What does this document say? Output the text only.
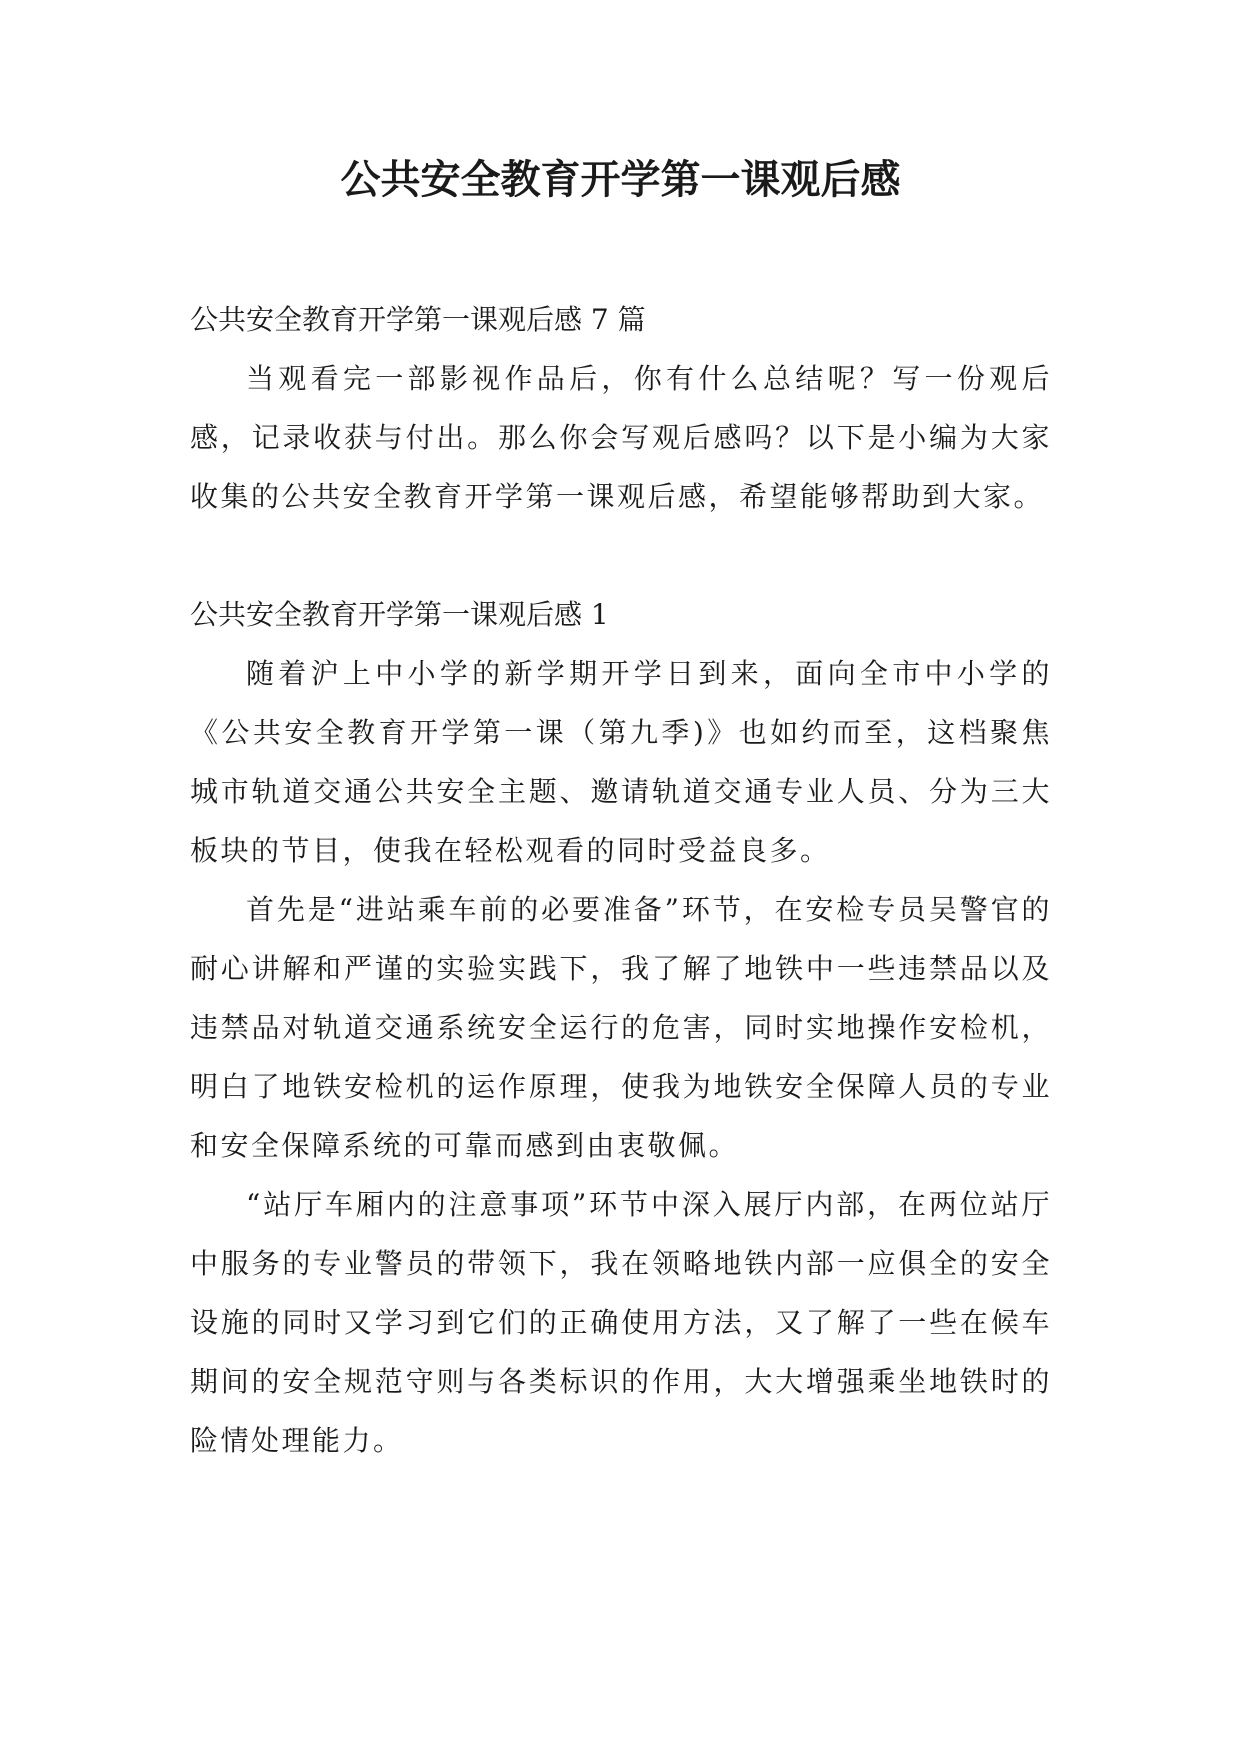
公共安全教育开学第一课观后感

公共安全教育开学第一课观后感 7 篇

当观看完一部影视作品后，你有什么总结呢？写一份观后感，记录收获与付出。那么你会写观后感吗？以下是小编为大家收集的公共安全教育开学第一课观后感，希望能够帮助到大家。

公共安全教育开学第一课观后感 1

随着沪上中小学的新学期开学日到来，面向全市中小学的《公共安全教育开学第一课（第九季)》也如约而至，这档聚焦城市轨道交通公共安全主题、邀请轨道交通专业人员、分为三大板块的节目，使我在轻松观看的同时受益良多。

首先是“进站乘车前的必要准备”环节，在安检专员吴警官的耐心讲解和严谨的实验实践下，我了解了地铁中一些违禁品以及违禁品对轨道交通系统安全运行的危害，同时实地操作安检机，明白了地铁安检机的运作原理，使我为地铁安全保障人员的专业和安全保障系统的可靠而感到由衷敬佩。

“站厅车厢内的注意事项”环节中深入展厅内部，在两位站厅中服务的专业警员的带领下，我在领略地铁内部一应俱全的安全设施的同时又学习到它们的正确使用方法，又了解了一些在候车期间的安全规范守则与各类标识的作用，大大增强乘坐地铁时的险情处理能力。
